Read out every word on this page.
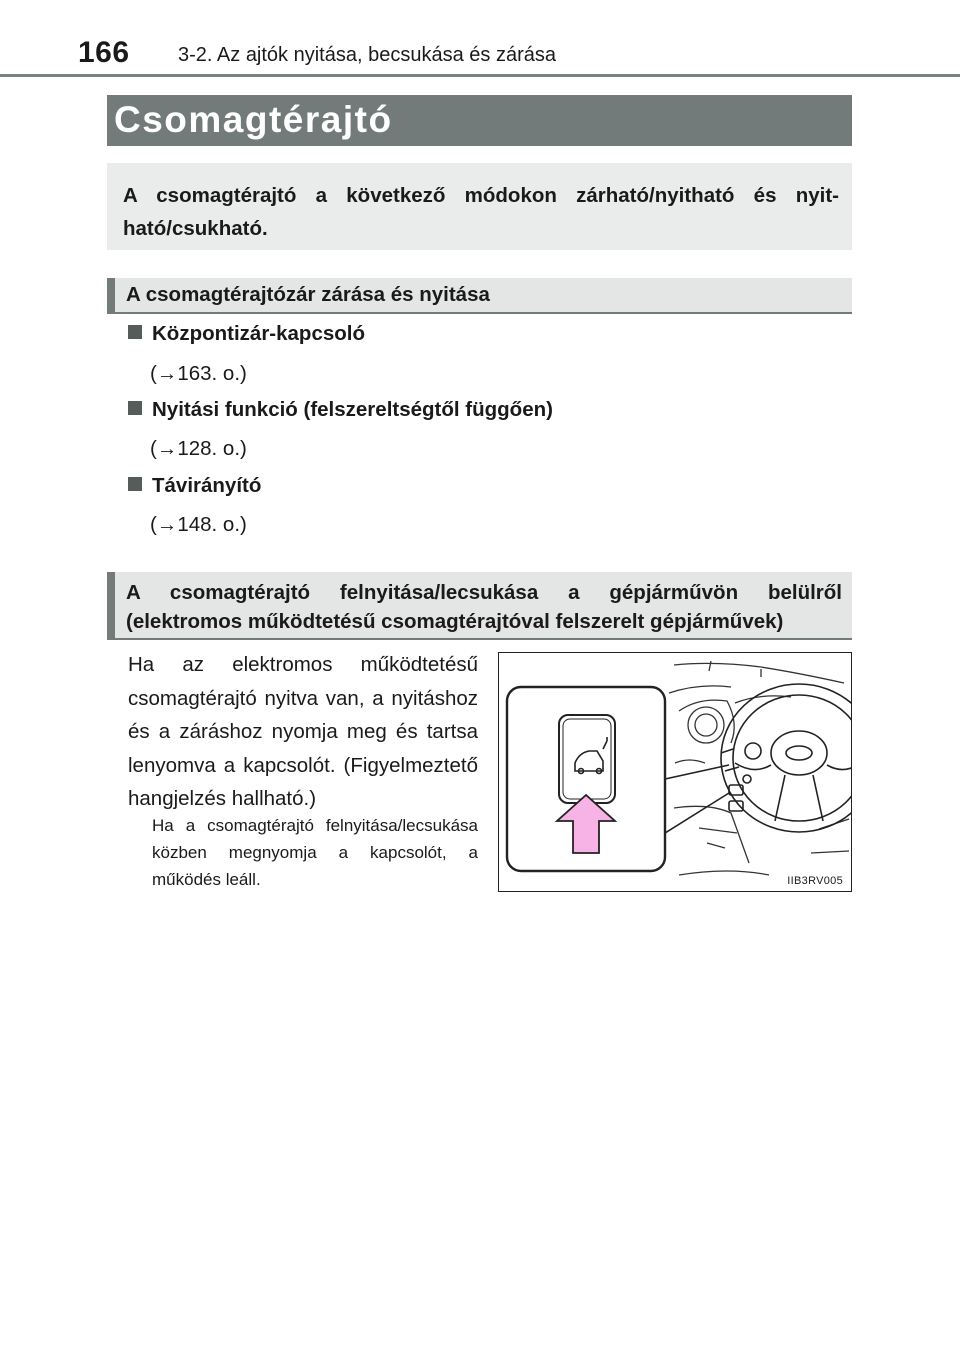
166 3-2. Az ajtók nyitása, becsukása és zárása
Csomagtérajtó
A csomagtérajtó a következő módokon zárható/nyitható és nyitható/csukható.
A csomagtérajtózár zárása és nyitása
Központizár-kapcsoló
(→163. o.)
Nyitási funkció (felszereltségtől függően)
(→128. o.)
Távirányító
(→148. o.)
A csomagtérajtó felnyitása/lecsukása a gépjárművön belülről
(elektromos működtetésű csomagtérajtóval felszerelt gépjárművek)
Ha az elektromos működtetésű csomagtérajtó nyitva van, a nyitáshoz és a záráshoz nyomja meg és tartsa lenyomva a kapcsolót. (Figyelmeztető hangjelzés hallható.)
Ha a csomagtérajtó felnyitása/lecsukása közben megnyomja a kapcsolót, a működés leáll.	IIB3RV005
